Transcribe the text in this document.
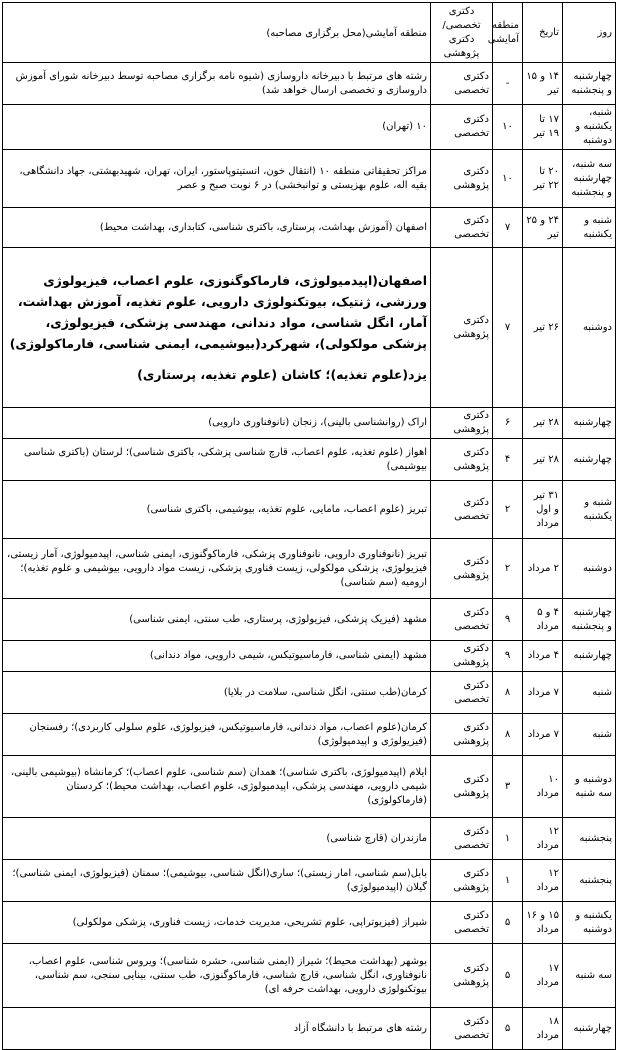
روز	تاریخ	منطقه آمایشی	دکتری تخصصی/ دکتری پژوهشی	منطقه آمایشی(محل برگزاری مصاحبه)
چهارشنبه و پنجشنبه	۱۴ و ۱۵ تیر	-	دکتری تخصصی	رشته های مرتبط با دبیرخانه داروسازی (شیوه نامه برگزاری مصاحبه توسط دبیرخانه شورای آموزش داروسازی و تخصصی ارسال خواهد شد)
شنبه، یکشنبه و دوشنبه	۱۷ تا ۱۹ تیر	۱۰	دکتری تخصصی	۱۰ (تهران)
سه شنبه، چهارشنبه و پنجشنبه	۲۰ تا ۲۲ تیر	۱۰	دکتری پژوهشی	مراکز تحقیقاتی منطقه ۱۰ (انتقال خون، انستیتوپاستور، ایران، تهران، شهیدبهشتی، جهاد دانشگاهی، بقیه اله، علوم بهزیستی و توانبخشی) در ۶ نوبت صبح و عصر
شنبه و یکشنبه	۲۴ و ۲۵ تیر	۷	دکتری تخصصی	اصفهان (آموزش بهداشت، پرستاری، باکتری شناسی، کتابداری، بهداشت محیط)
دوشنبه	۲۶ تیر	۷	دکتری پژوهشی	اصفهان(اپیدمیولوژی، فارماکوگنوزی، علوم اعصاب، فیزیولوژی ورزشی، ژنتیک، بیوتکنولوژی دارویی، علوم تغذیه، آموزش بهداشت، آمار، انگل شناسی، مواد دندانی، مهندسی پزشکی، فیزیولوژی، پزشکی مولکولی)، شهرکرد(بیوشیمی، ایمنی شناسی، فارماکولوژی)

یزد(علوم تغذیه)؛ کاشان (علوم تغذیه، پرستاری)

چهارشنبه	۲۸ تیر	۶	دکتری پژوهشی	اراک (روانشناسی بالینی)، زنجان (نانوفناوری دارویی)
چهارشنبه	۲۸ تیر	۴	دکتری پژوهشی	اهواز (علوم تغذیه، علوم اعصاب، قارچ شناسی پزشکی، باکتری شناسی)؛ لرستان (باکتری شناسی بیوشیمی)
شنبه و یکشنبه	۳۱ تیر و اول مرداد	۲	دکتری تخصصی	تبریز (علوم اعصاب، مامایی، علوم تغذیه، بیوشیمی، باکتری شناسی)
دوشنبه	۲ مرداد	۲	دکتری پژوهشی	تبریز (نانوفناوری دارویی، نانوفناوری پزشکی، فارماکوگنوزی، ایمنی شناسی، اپیدمیولوژی، آمار زیستی، فیزیولوژی، پزشکی مولکولی، زیست فناوری پزشکی، زیست مواد دارویی، بیوشیمی و علوم تغذیه)؛ ارومیه (سم شناسی)
چهارشنبه و پنجشنبه	۴ و ۵ مرداد	۹	دکتری تخصصی	مشهد (فیزیک پزشکی، فیزیولوژی، پرستاری، طب سنتی، ایمنی شناسی)
چهارشنبه	۴ مرداد	۹	دکتری پژوهشی	مشهد (ایمنی شناسی، فارماسیوتیکس، شیمی دارویی، مواد دندانی)
شنبه	۷ مرداد	۸	دکتری تخصصی	کرمان(طب سنتی، انگل شناسی، سلامت در بلایا)
شنبه	۷ مرداد	۸	دکتری پژوهشی	کرمان(علوم اعصاب، مواد دندانی، فارماسیوتیکس، فیزیولوژی، علوم سلولی کاربردی)؛ رفسنجان (فیزیولوژی و اپیدمیولوژی)
دوشنبه و سه شنبه	۱۰ مرداد	۳	دکتری پژوهشی	ایلام (اپیدمیولوژی، باکتری شناسی)؛ همدان (سم شناسی، علوم اعصاب)؛ کرمانشاه (بیوشیمی بالینی، شیمی دارویی، مهندسی پزشکی، اپیدمیولوژی، علوم اعصاب، بهداشت محیط)؛ کردستان (فارماکولوژی)
پنجشنبه	۱۲ مرداد	۱	دکتری تخصصی	مازندران (قارچ شناسی)
پنجشنبه	۱۲ مرداد	۱	دکتری پژوهشی	بابل(سم شناسی، امار زیستی)؛ ساری(انگل شناسی، بیوشیمی)؛ سمنان (فیزیولوژی، ایمنی شناسی)؛ گیلان (اپیدمیولوژی)
یکشنبه و دوشنبه	۱۵ و ۱۶ مرداد	۵	دکتری تخصصی	شیراز (فیزیوتراپی، علوم تشریحی، مدیریت خدمات، زیست فناوری، پزشکی مولکولی)
سه شنبه	۱۷ مرداد	۵	دکتری پژوهشی	بوشهر (بهداشت محیط)؛ شیراز (ایمنی شناسی، حشره شناسی)؛ ویروس شناسی، علوم اعصاب، نانوفناوری، انگل شناسی، قارچ شناسی، فارماکوگنوزی، طب سنتی، بینایی سنجی، سم شناسی، بیوتکنولوژی دارویی، بهداشت حرفه ای)
چهارشنبه	۱۸ مرداد	۵	دکتری تخصصی	رشته های مرتبط با دانشگاه آزاد
